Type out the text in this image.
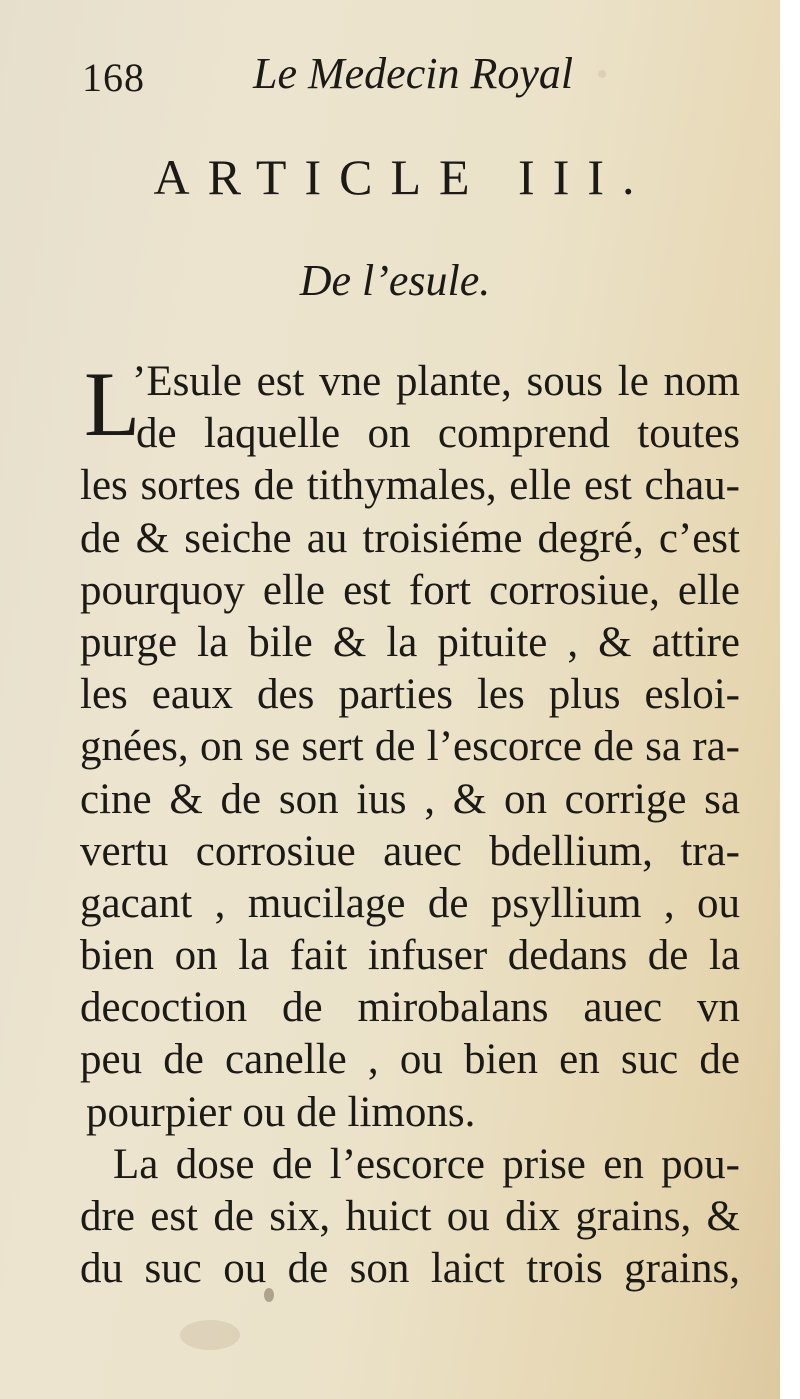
168 Le Medecin Royal
ARTICLE III.
De l’esule.
L
’Esule est vne plante, sous le nom
de laquelle on comprend toutes
les sortes de tithymales, elle est chau-
de & seiche au troisiéme degré, c’est
pourquoy elle est fort corrosiue, elle
purge la bile & la pituite , & attire
les eaux des parties les plus esloi-
gnées, on se sert de l’escorce de sa ra-
cine & de son ius , & on corrige sa
vertu corrosiue auec bdellium, tra-
gacant , mucilage de psyllium , ou
bien on la fait infuser dedans de la
decoction de mirobalans auec vn
peu de canelle , ou bien en suc de
pourpier ou de limons.
La dose de l’escorce prise en pou-
dre est de six, huict ou dix grains, &
du suc ou de son laict trois grains,
